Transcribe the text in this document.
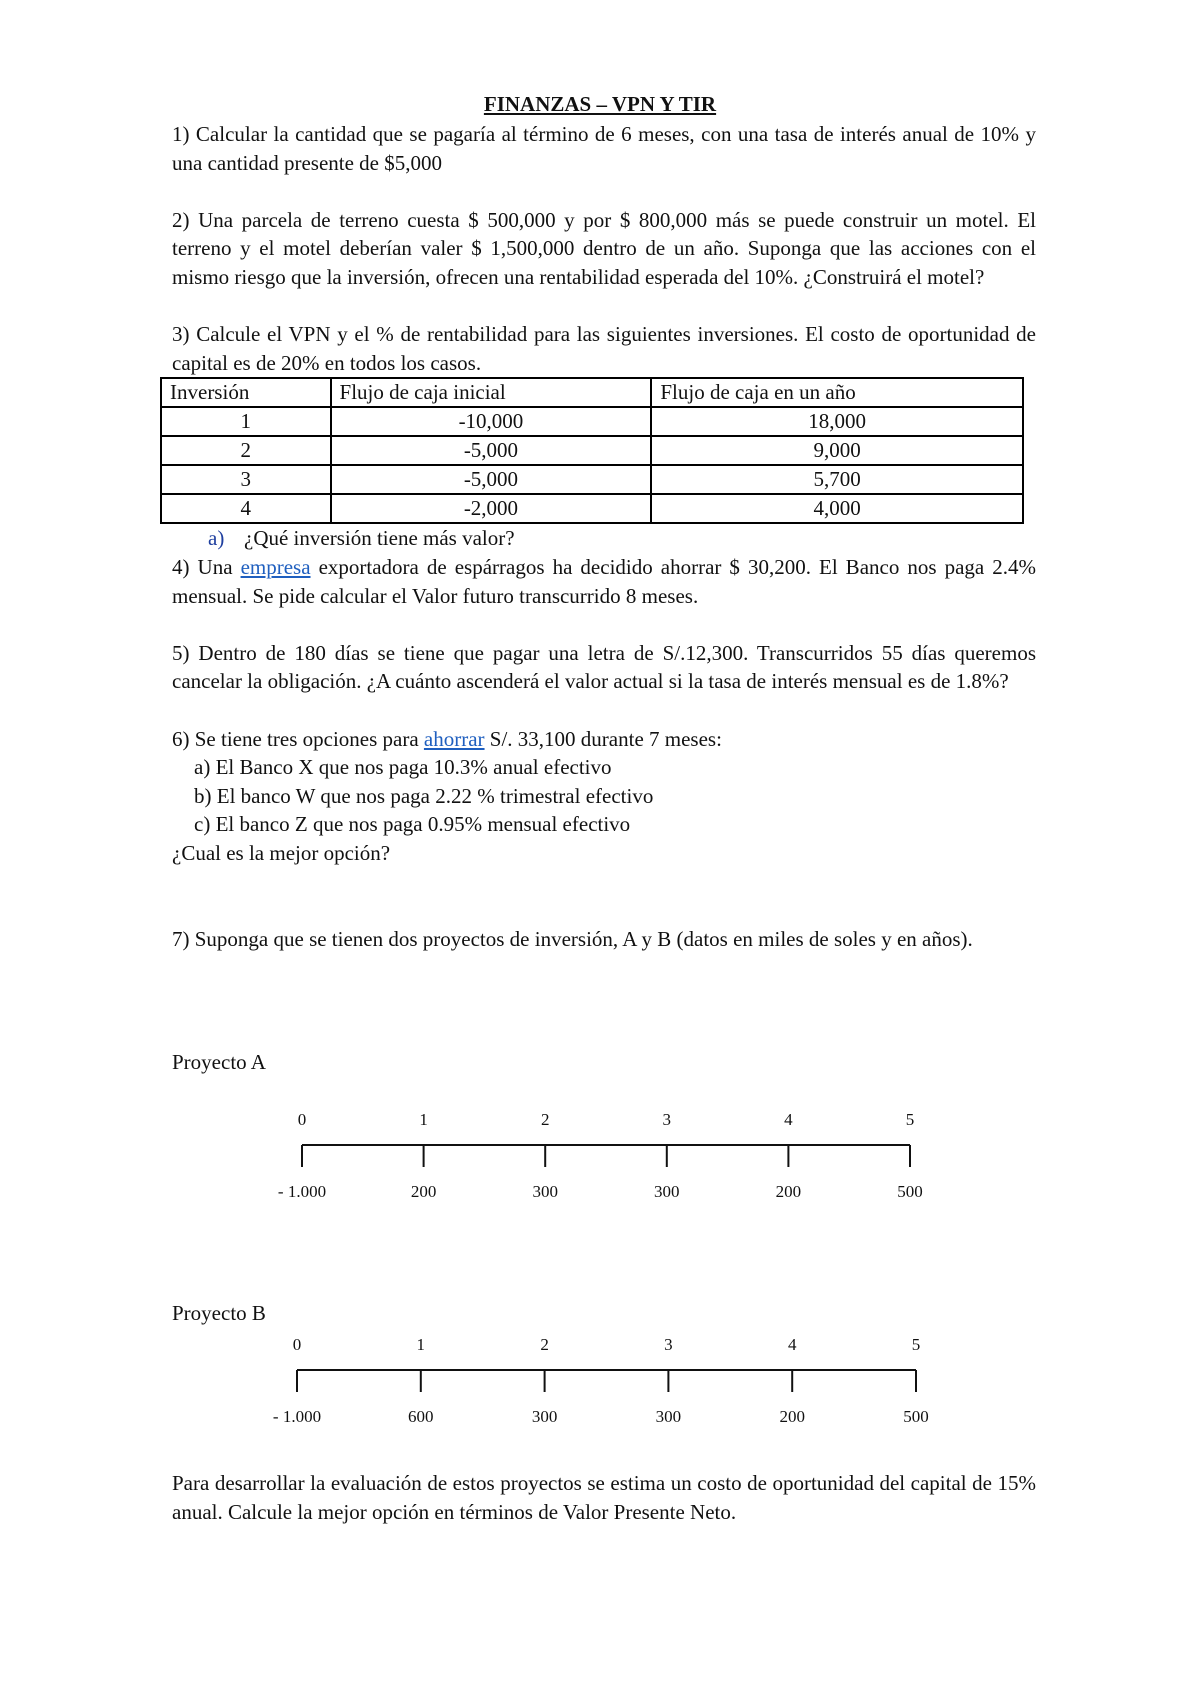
FINANZAS – VPN Y TIR

1) Calcular la cantidad que se pagaría al término de 6 meses, con una tasa de interés anual de 10% y una cantidad presente de $5,000

2) Una parcela de terreno cuesta $ 500,000 y por $ 800,000 más se puede construir un motel. El terreno y el motel deberían valer $ 1,500,000 dentro de un año. Suponga que las acciones con el mismo riesgo que la inversión, ofrecen una rentabilidad esperada del 10%. ¿Construirá el motel?

3) Calcule el VPN y el % de rentabilidad para las siguientes inversiones. El costo de oportunidad de capital es de 20% en todos los casos.

Inversión	Flujo de caja inicial	Flujo de caja en un año
1	-10,000	18,000
2	-5,000	9,000
3	-5,000	5,700
4	-2,000	4,000

a) ¿Qué inversión tiene más valor?

4) Una empresa exportadora de espárragos ha decidido ahorrar $ 30,200. El Banco nos paga 2.4% mensual. Se pide calcular el Valor futuro transcurrido 8 meses.

5) Dentro de 180 días se tiene que pagar una letra de S/.12,300. Transcurridos 55 días queremos cancelar la obligación. ¿A cuánto ascenderá el valor actual si la tasa de interés mensual es de 1.8%?

6) Se tiene tres opciones para ahorrar S/. 33,100 durante 7 meses:

a) El Banco X que nos paga 10.3% anual efectivo

b) El banco W que nos paga 2.22 % trimestral efectivo

c) El banco Z que nos paga 0.95% mensual efectivo

¿Cual es la mejor opción?

7) Suponga que se tienen dos proyectos de inversión, A y B (datos en miles de soles y en años).

Proyecto A
0
- 1.000
1
200
2
300
3
300
4
200
5
500
Proyecto B
0
- 1.000
1
600
2
300
3
300
4
200
5
500

Para desarrollar la evaluación de estos proyectos se estima un costo de oportunidad del capital de 15% anual. Calcule la mejor opción en términos de Valor Presente Neto.
